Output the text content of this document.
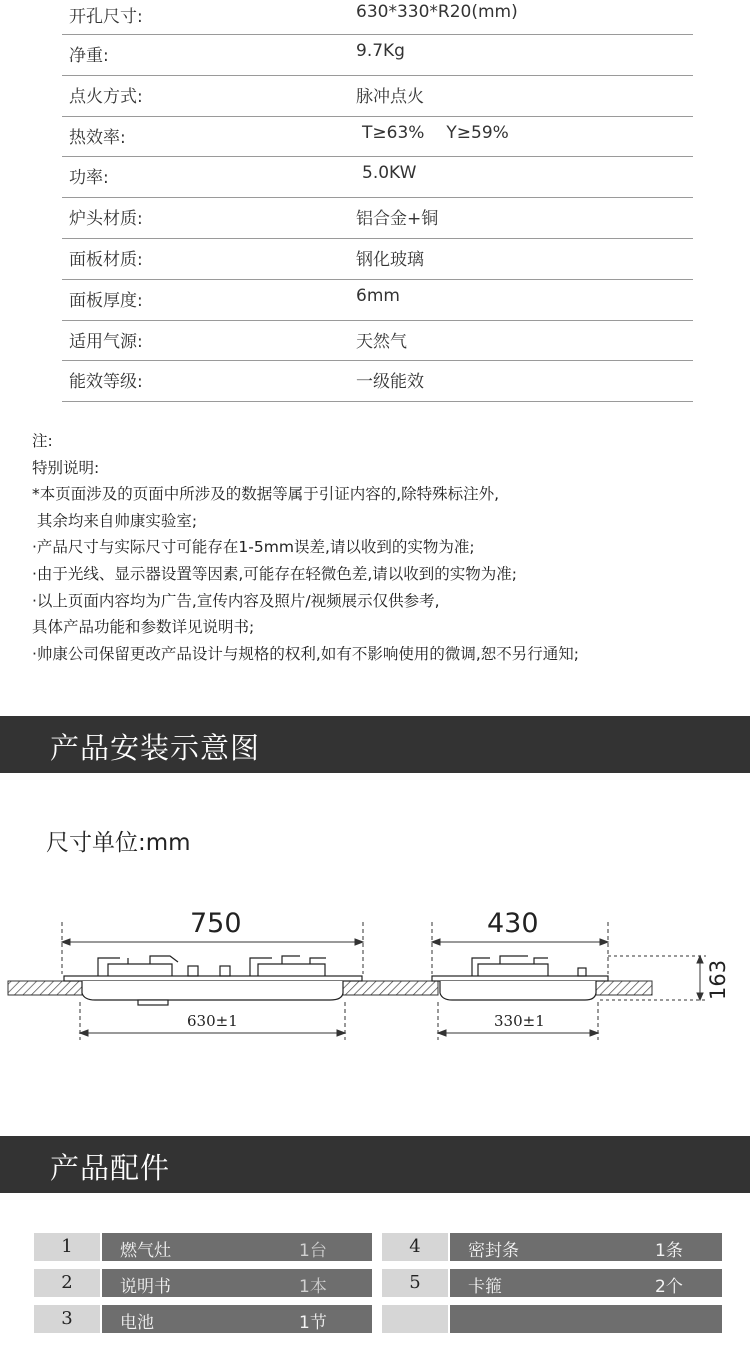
开孔尺寸:	630*330*R20(mm)
净重:	9.7Kg
点火方式:	脉冲点火
热效率:	T≥63% Y≥59%
功率:	5.0KW
炉头材质:	铝合金+铜
面板材质:	钢化玻璃
面板厚度:	6mm
适用气源:	天然气
能效等级:	一级能效
注:
特别说明:
*本页面涉及的页面中所涉及的数据等属于引证内容的,除特殊标注外,
其余均来自帅康实验室;
·产品尺寸与实际尺寸可能存在1-5mm误差,请以收到的实物为准;
·由于光线、显示器设置等因素,可能存在轻微色差,请以收到的实物为准;
·以上页面内容均为广告,宣传内容及照片/视频展示仅供参考,
具体产品功能和参数详见说明书;
·帅康公司保留更改产品设计与规格的权利,如有不影响使用的微调,恕不另行通知;
产品安装示意图
尺寸单位:mm
750
630±1
430
330±1
163
产品配件
1	燃气灶	1台
2	说明书	1本
3	电池	1节
4	密封条	1条
5	卡箍	2个
